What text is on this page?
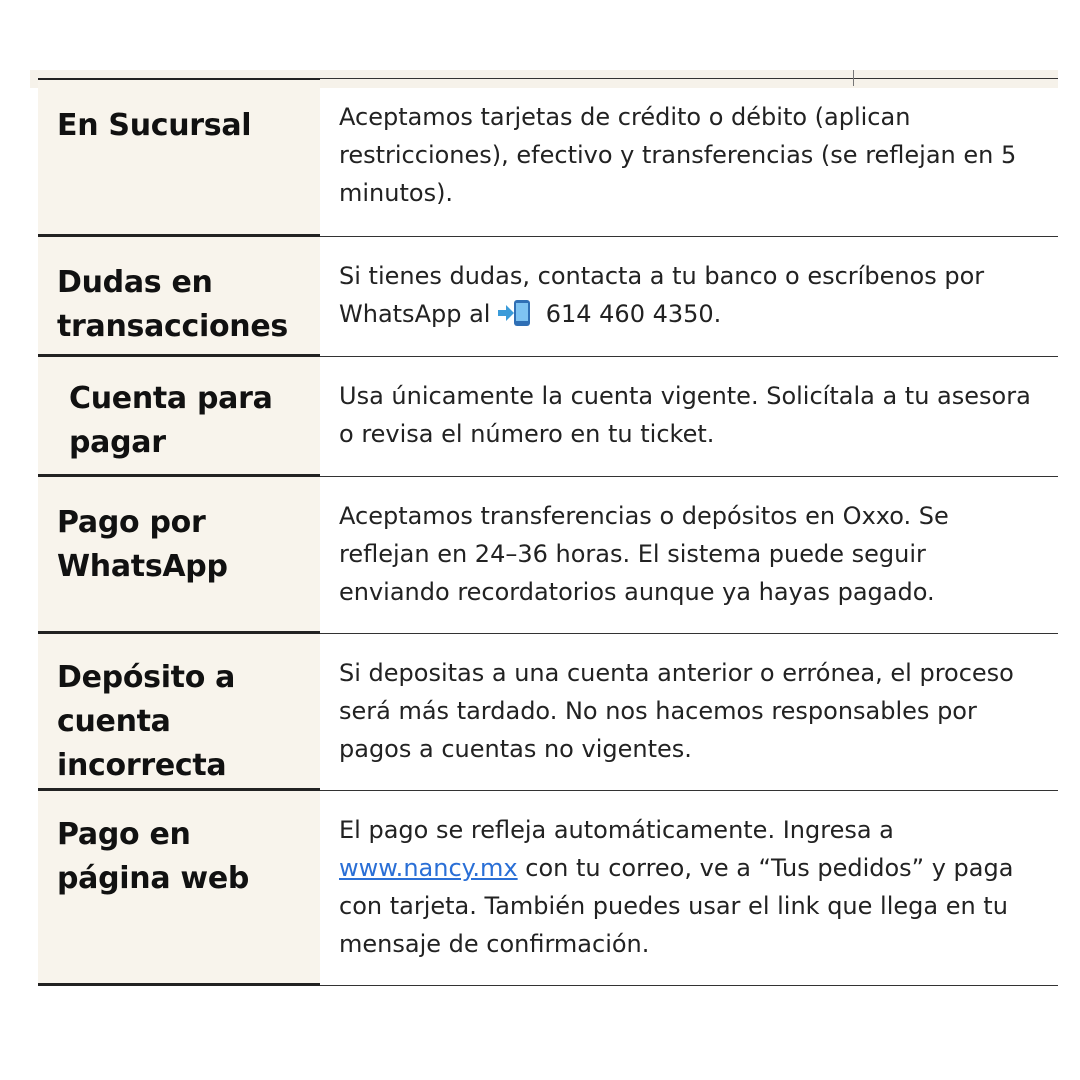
En Sucursal	Aceptamos tarjetas de crédito o débito (aplican restricciones), efectivo y transferencias (se reflejan en 5 minutos).
Dudas en transacciones
Si tienes dudas, contacta a tu banco o escríbenos por WhatsApp al
614 460 4350.
Cuenta para pagar
Usa únicamente la cuenta vigente. Solicítala a tu asesora o revisa el número en tu ticket.
Pago por WhatsApp
Aceptamos transferencias o depósitos en Oxxo. Se reflejan en 24–36 horas. El sistema puede seguir enviando recordatorios aunque ya hayas pagado.
Depósito a cuenta incorrecta
Si depositas a una cuenta anterior o errónea, el proceso será más tardado. No nos hacemos responsables por pagos a cuentas no vigentes.
Pago en página web
El pago se refleja automáticamente. Ingresa a www.nancy.mx con tu correo, ve a “Tus pedidos” y paga con tarjeta. También puedes usar el link que llega en tu mensaje de confirmación.
